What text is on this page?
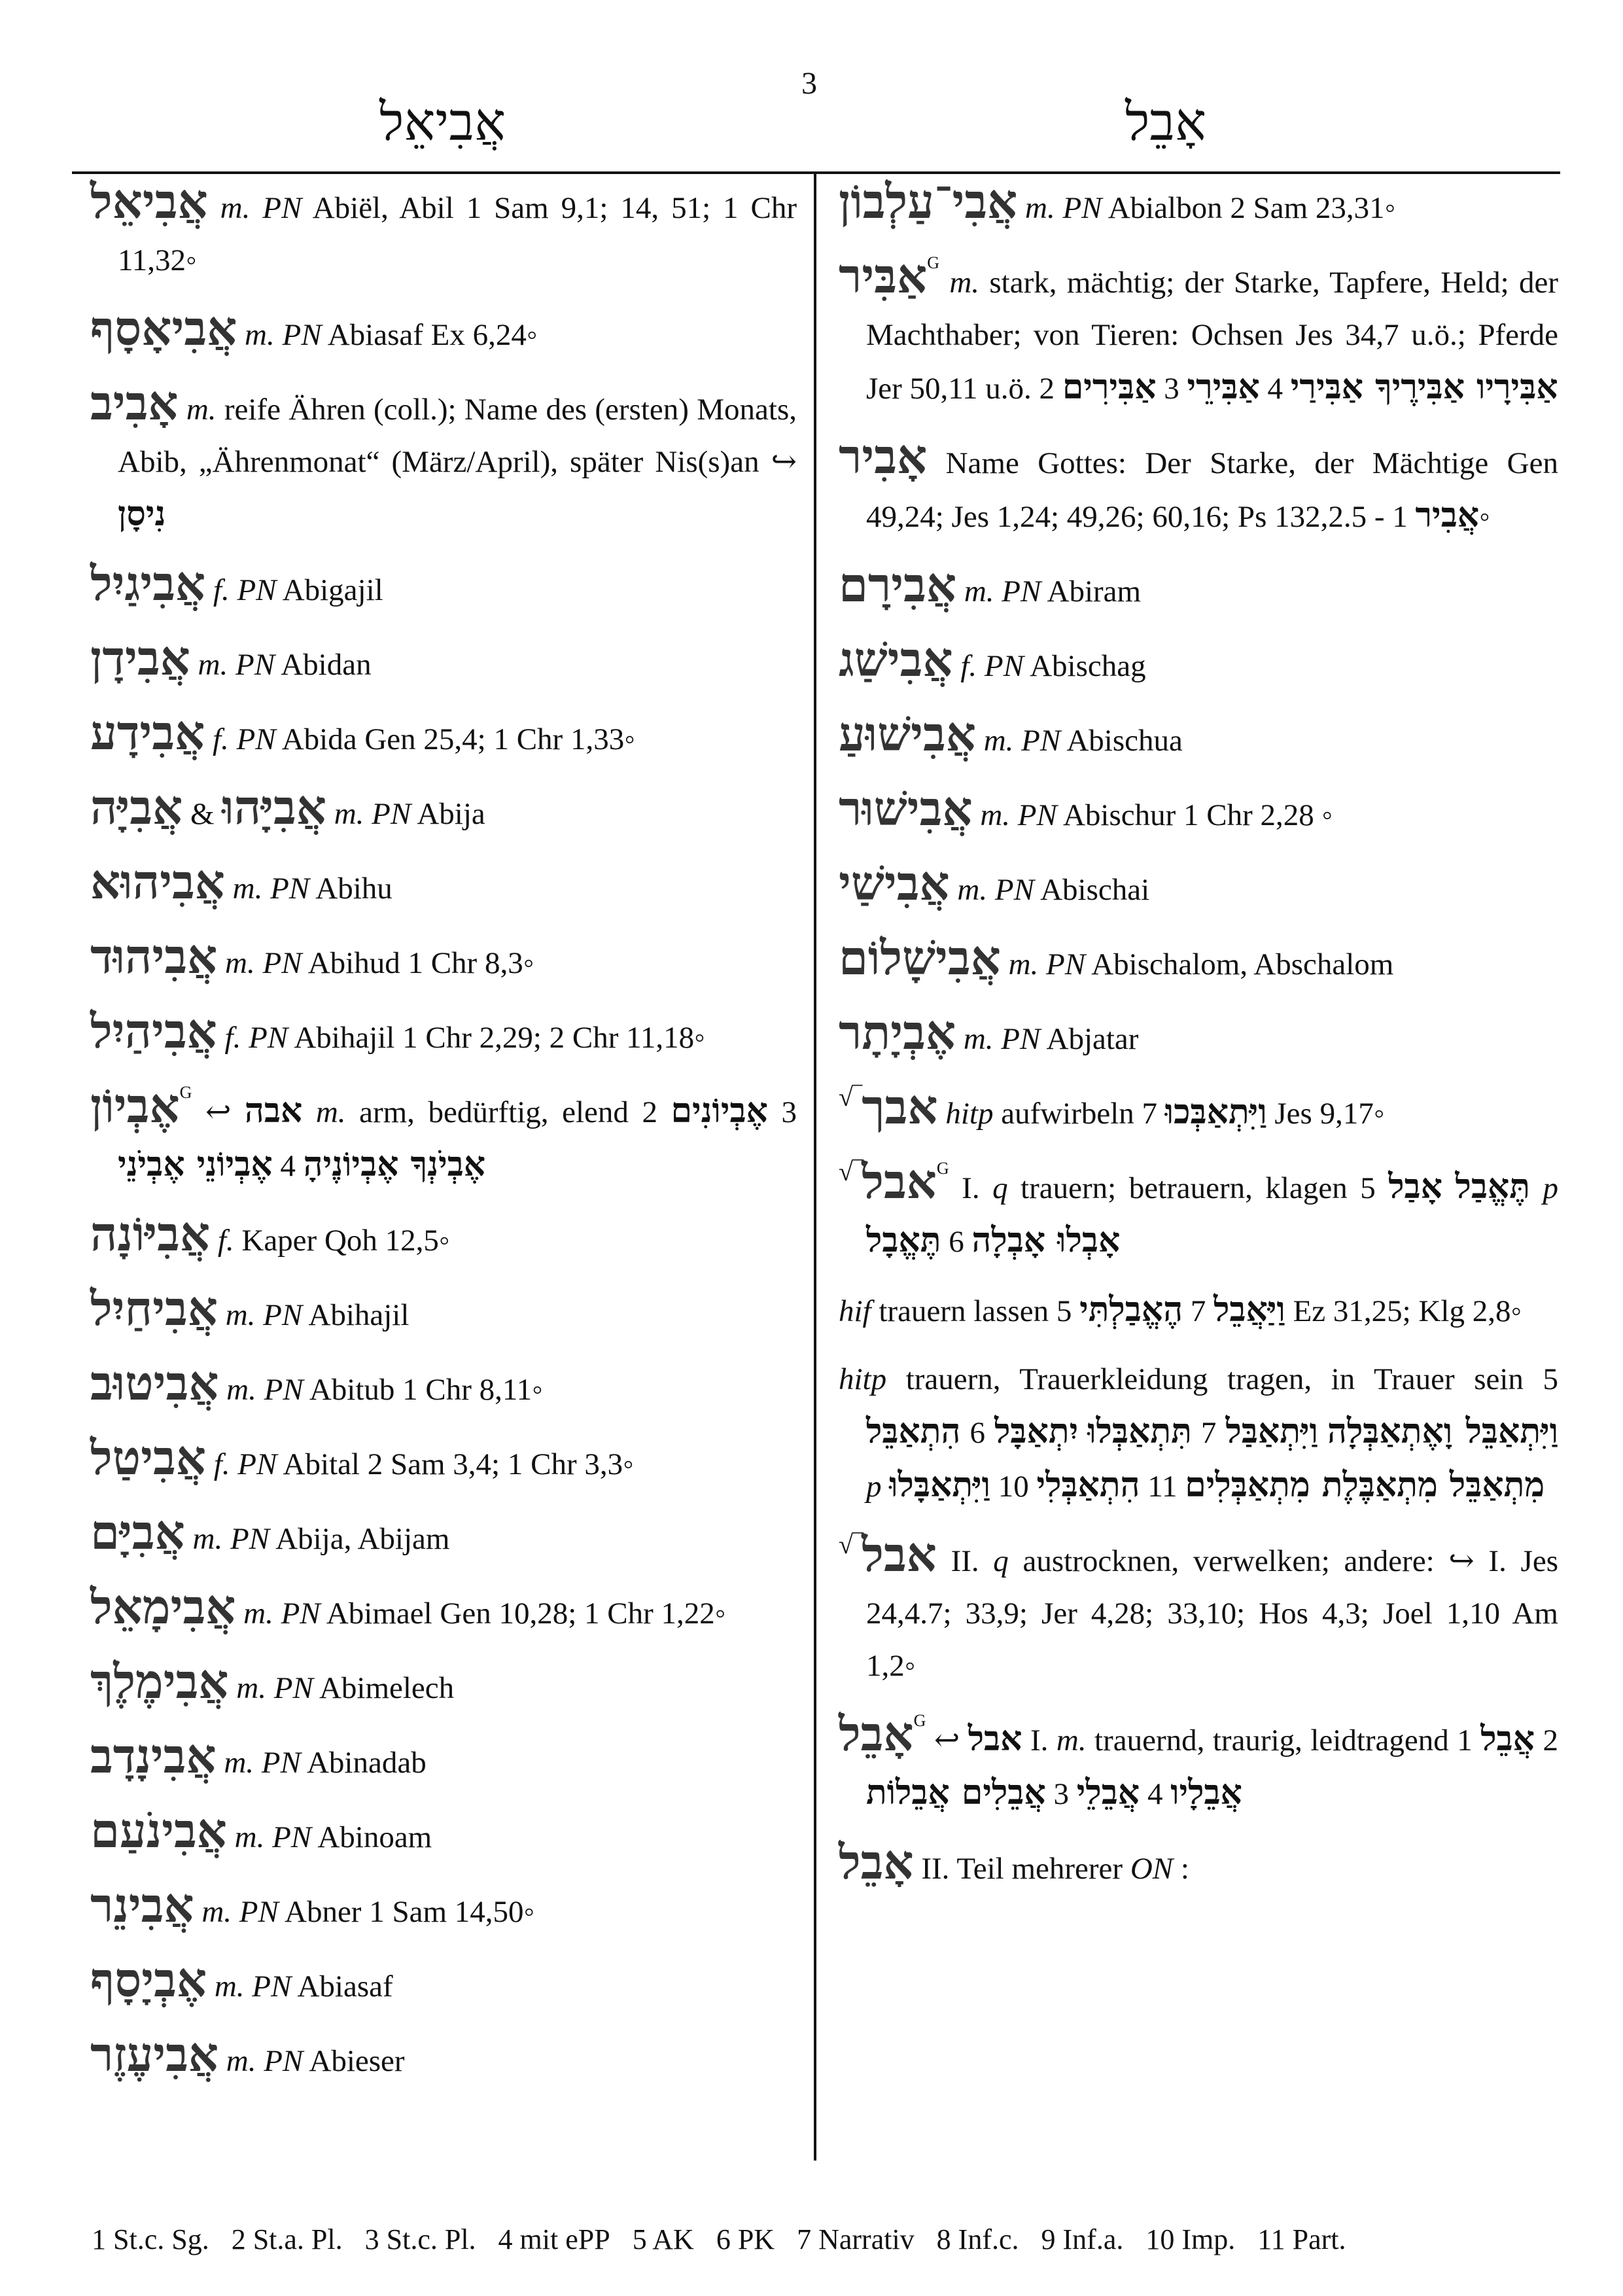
3
אֲבִיאֵל	אָבֵל
אֲבִיאֵל m. PN Abiël, Abil 1 Sam 9,1; 14, 51; 1 Chr 11,32◦
אֲבִיאָסָף m. PN Abiasaf Ex 6,24◦
אָבִיב m. reife Ähren (coll.); Name des (ersten) Monats, Abib, „Ährenmonat“ (März/April), später Nis(s)an ↪ נִיסָן
אֲבִיגַיִל f. PN Abigajil
אֲבִידָן m. PN Abidan
אֲבִידָע f. PN Abida Gen 25,4; 1 Chr 1,33◦
אֲבִיָּה & אֲבִיָּהוּ m. PN Abija
אֲבִיהוּא m. PN Abihu
אֲבִיהוּד m. PN Abihud 1 Chr 8,3◦
אֲבִיהַיִל f. PN Abihajil 1 Chr 2,29; 2 Chr 11,18◦
אֶבְיוֹן$^G$ ↩ אבה m. arm, bedürftig, elend 2 אֶבְיוֹנִים 3 אֶבְיוֹנֵי אֶבְיֹנֵי 4 אֶבְיֹנְךָ אֶבְיוֹנֶיהָ
אֲבִיּוֹנָה f. Kaper Qoh 12,5◦
אֲבִיחַיִל m. PN Abihajil
אֲבִיטוּב m. PN Abitub 1 Chr 8,11◦
אֲבִיטַל f. PN Abital 2 Sam 3,4; 1 Chr 3,3◦
אֲבִיָּם m. PN Abija, Abijam
אֲבִימָאֵל m. PN Abimael Gen 10,28; 1 Chr 1,22◦
אֲבִימֶלֶךְ m. PN Abimelech
אֲבִינָדָב m. PN Abinadab
אֲבִינֹעַם m. PN Abinoam
אֲבִינֵר m. PN Abner 1 Sam 14,50◦
אֶבְיָסָף m. PN Abiasaf
אֲבִיעֶזֶר m. PN Abieser
אֲבִי־עַלְבוֹן m. PN Abialbon 2 Sam 23,31◦
אַבִּיר$^G$ m. stark, mächtig; der Starke, Tapfere, Held; der Machthaber; von Tieren: Ochsen Jes 34,7 u.ö.; Pferde Jer 50,11 u.ö. 2 אַבִּירִים 3 אַבִּירֵי 4 אַבִּירָיו אַבִּירֶיךָ אַבִּירַי
אָבִיר Name Gottes: Der Starke, der Mächtige Gen 49,24; Jes 1,24; 49,26; 60,16; Ps 132,2.5 - 1 אֲבִיר◦
אֲבִירָם m. PN Abiram
אֲבִישַׁג f. PN Abischag
אֲבִישׁוּעַ m. PN Abischua
אֲבִישׁוּר m. PN Abischur 1 Chr 2,28 ◦
אֲבִישַׁי m. PN Abischai
אֲבִישָׁלוֹם m. PN Abischalom, Abschalom
אֶבְיָתָר m. PN Abjatar
√‾אבך hitp aufwirbeln 7 וַיִּתְאַבְּכוּ Jes 9,17◦
√‾אבל$^G$ I. q trauern; betrauern, klagen 5 אָבַל תֶּאֱבַל p תֶּאֱבָל 6 אָבְלוּ אָבְלָה
hif trauern lassen 5 הֶאֱבַלְתִּי 7 וַיַּאֲבֵל Ez 31,25; Klg 2,8◦
hitp trauern, Trauerkleidung tragen, in Trauer sein 5 הִתְאַבֵּל 6 יִתְאַבָּל תִּתְאַבְּלוּ 7 וַיִּתְאַבַּל וַיִּתְאַבֵּל וָאֶתְאַבְּלָה p וַיִּתְאַבָּלוּ 10 הִתְאַבְּלִי 11 מִתְאַבֵּל מִתְאַבֶּלֶת מִתְאַבְּלִים
√‾אבל II. q austrocknen, verwelken; andere: ↪ I. Jes 24,4.7; 33,9; Jer 4,28; 33,10; Hos 4,3; Joel 1,10 Am 1,2◦
אָבֵל$^G$ ↩ אבל I. m. trauernd, traurig, leidtragend 1 אֲבֵל 2 אֲבֵלִים אֲבֵלוֹת 3 אֲבֵלֵי 4 אֲבֵלָיו
אָבֵל II. Teil mehrerer ON :
1 St.c. Sg. 2 St.a. Pl. 3 St.c. Pl. 4 mit ePP 5 AK 6 PK 7 Narrativ 8 Inf.c. 9 Inf.a. 10 Imp. 11 Part.
